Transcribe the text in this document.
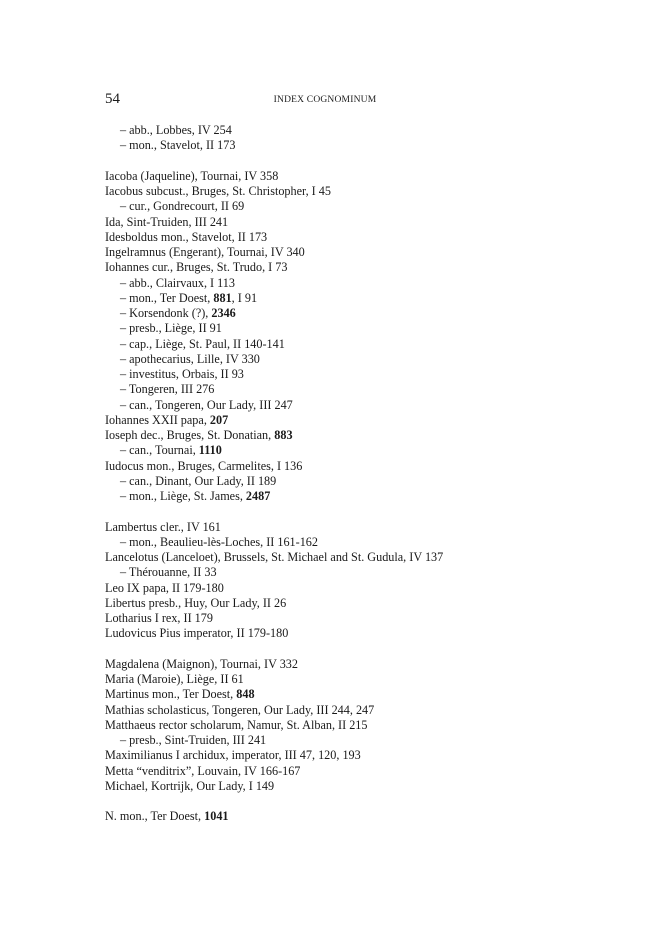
54	INDEX COGNOMINUM
– abb., Lobbes, IV 254
– mon., Stavelot, II 173
Iacoba (Jaqueline), Tournai, IV 358
Iacobus subcust., Bruges, St. Christopher, I 45
– cur., Gondrecourt, II 69
Ida, Sint-Truiden, III 241
Idesboldus mon., Stavelot, II 173
Ingelramnus (Engerant), Tournai, IV 340
Iohannes cur., Bruges, St. Trudo, I 73
– abb., Clairvaux, I 113
– mon., Ter Doest, 881, I 91
– Korsendonk (?), 2346
– presb., Liège, II 91
– cap., Liège, St. Paul, II 140-141
– apothecarius, Lille, IV 330
– investitus, Orbais, II 93
– Tongeren, III 276
– can., Tongeren, Our Lady, III 247
Iohannes XXII papa, 207
Ioseph dec., Bruges, St. Donatian, 883
– can., Tournai, 1110
Iudocus mon., Bruges, Carmelites, I 136
– can., Dinant, Our Lady, II 189
– mon., Liège, St. James, 2487
Lambertus cler., IV 161
– mon., Beaulieu-lès-Loches, II 161-162
Lancelotus (Lanceloet), Brussels, St. Michael and St. Gudula, IV 137
– Thérouanne, II 33
Leo IX papa, II 179-180
Libertus presb., Huy, Our Lady, II 26
Lotharius I rex, II 179
Ludovicus Pius imperator, II 179-180
Magdalena (Maignon), Tournai, IV 332
Maria (Maroie), Liège, II 61
Martinus mon., Ter Doest, 848
Mathias scholasticus, Tongeren, Our Lady, III 244, 247
Matthaeus rector scholarum, Namur, St. Alban, II 215
– presb., Sint-Truiden, III 241
Maximilianus I archidux, imperator, III 47, 120, 193
Metta “venditrix”, Louvain, IV 166-167
Michael, Kortrijk, Our Lady, I 149
N. mon., Ter Doest, 1041
